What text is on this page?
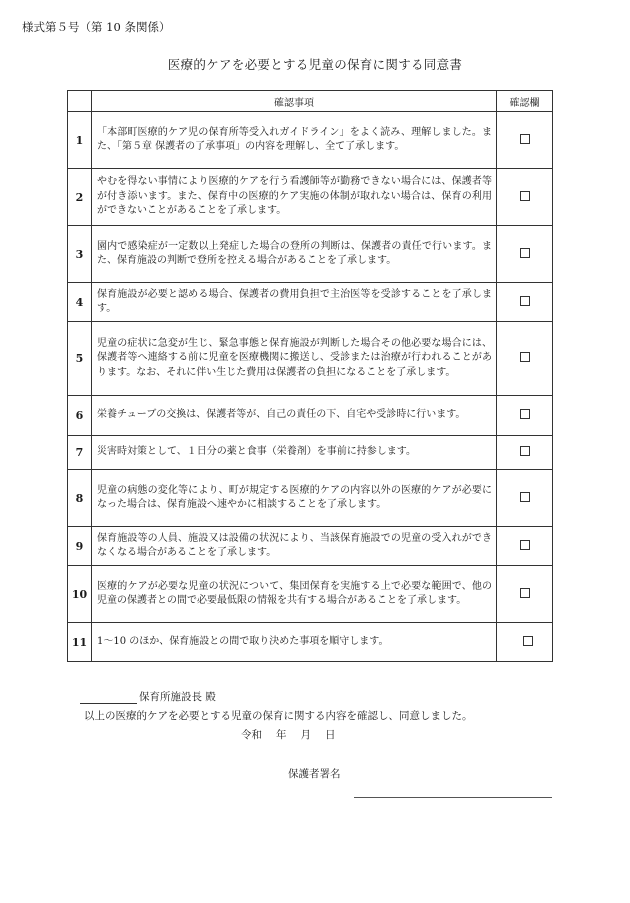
様式第５号（第 10 条関係）
医療的ケアを必要とする児童の保育に関する同意書
	確認事項	確認欄
1	「本部町医療的ケア児の保育所等受入れガイドライン」をよく読み、理解しました。また、「第５章 保護者の了承事項」の内容を理解し、全て了承します。	
2	やむを得ない事情により医療的ケアを行う看護師等が勤務できない場合には、保護者等が付き添います。また、保育中の医療的ケア実施の体制が取れない場合は、保育の利用ができないことがあることを了承します。	
3	園内で感染症が一定数以上発症した場合の登所の判断は、保護者の責任で行います。また、保育施設の判断で登所を控える場合があることを了承します。	
4	保育施設が必要と認める場合、保護者の費用負担で主治医等を受診することを了承します。	
5	児童の症状に急変が生じ、緊急事態と保育施設が判断した場合その他必要な場合には、保護者等へ連絡する前に児童を医療機関に搬送し、受診または治療が行われることがあります。なお、それに伴い生じた費用は保護者の負担になることを了承します。	
6	栄養チューブの交換は、保護者等が、自己の責任の下、自宅や受診時に行います。	
7	災害時対策として、１日分の薬と食事（栄養剤）を事前に持参します。	
8	児童の病態の変化等により、町が規定する医療的ケアの内容以外の医療的ケアが必要になった場合は、保育施設へ速やかに相談することを了承します。	
9	保育施設等の人員、施設又は設備の状況により、当該保育施設での児童の受入れができなくなる場合があることを了承します。	
10	医療的ケアが必要な児童の状況について、集団保育を実施する上で必要な範囲で、他の児童の保護者との間で必要最低限の情報を共有する場合があることを了承します。	
11	1～10 のほか、保育施設との間で取り決めた事項を順守します。	
保育所施設長 殿
以上の医療的ケアを必要とする児童の保育に関する内容を確認し、同意しました。
令和 年 月 日
保護者署名
